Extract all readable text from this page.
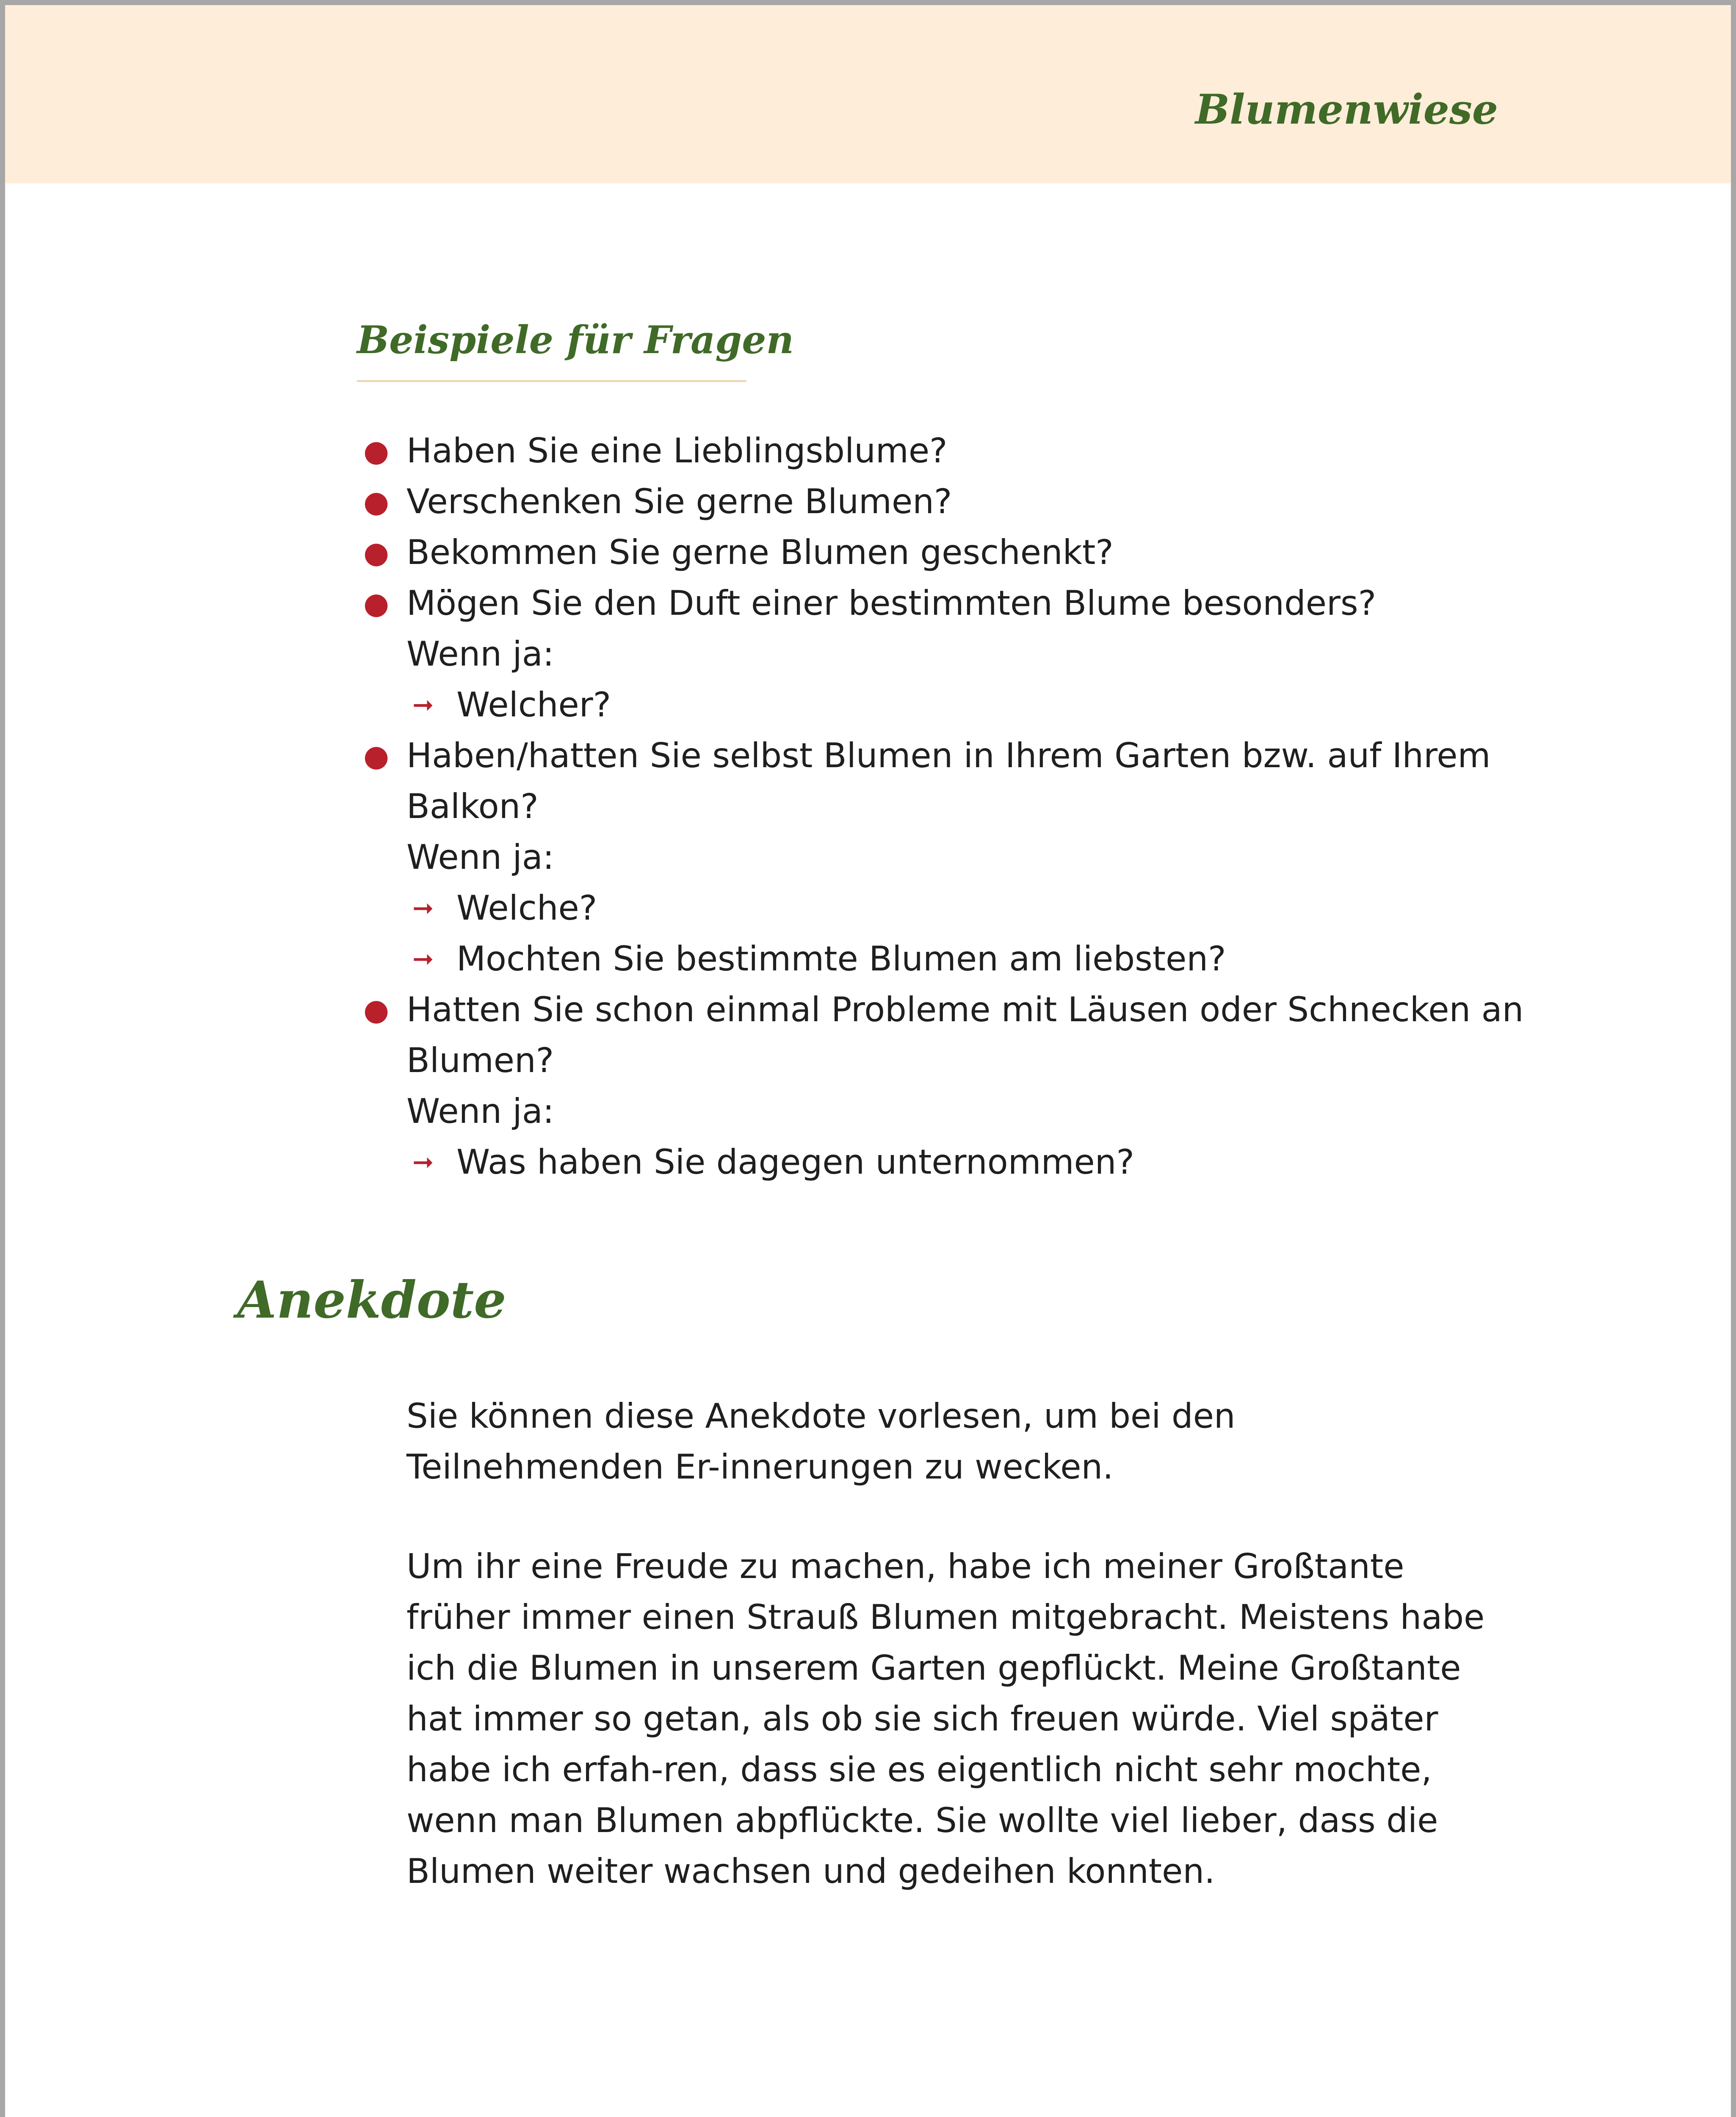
Blumenwiese
Beispiele für Fragen
● Haben Sie eine Lieblingsblume?
● Verschenken Sie gerne Blumen?
● Bekommen Sie gerne Blumen geschenkt?
● Mögen Sie den Duft einer bestimmten Blume besonders?
Wenn ja:
➞ Welcher?
● Haben/hatten Sie selbst Blumen in Ihrem Garten bzw. auf Ihrem Balkon?
Wenn ja:
➞ Welche?
➞ Mochten Sie bestimmte Blumen am liebsten?
● Hatten Sie schon einmal Probleme mit Läusen oder Schnecken an Blumen?
Wenn ja:
➞ Was haben Sie dagegen unternommen?
Anekdote

Sie können diese Anekdote vorlesen, um bei den Teilnehmenden Er-innerungen zu wecken.

Um ihr eine Freude zu machen, habe ich meiner Großtante früher immer einen Strauß Blumen mitgebracht. Meistens habe ich die Blumen in unserem Garten gepflückt. Meine Großtante hat immer so getan, als ob sie sich freuen würde. Viel später habe ich erfah-ren, dass sie es eigentlich nicht sehr mochte, wenn man Blumen abpflückte. Sie wollte viel lieber, dass die Blumen weiter wachsen und gedeihen konnten.
